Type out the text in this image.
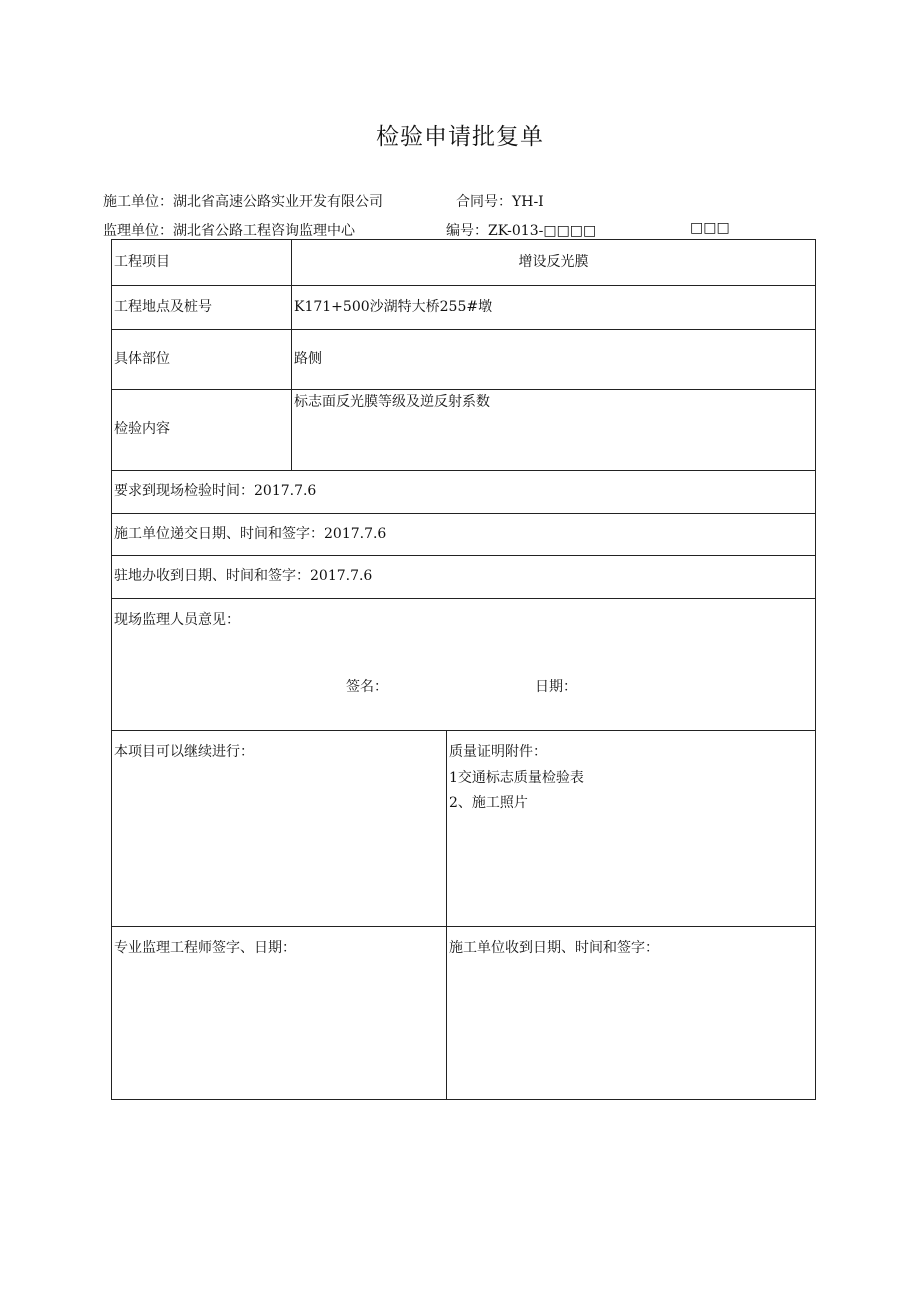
检验申请批复单
施工单位：湖北省高速公路实业开发有限公司	合同号：YH-I
监理单位：湖北省公路工程咨询监理中心	编号：ZK-013-□□□□	□□□
工程项目	增设反光膜	
工程地点及桩号	K171+500沙湖特大桥255#墩	
具体部位	路侧	
检验内容	标志面反光膜等级及逆反射系数	
要求到现场检验时间：2017.7.6		
施工单位递交日期、时间和签字：2017.7.6		
驻地办收到日期、时间和签字：2017.7.6		

现场监理人员意见：
签名： 日期：		

本项目可以继续进行：		质量证明附件：
1交通标志质量检验表
2、施工照片

专业监理工程师签字、日期：		施工单位收到日期、时间和签字：
